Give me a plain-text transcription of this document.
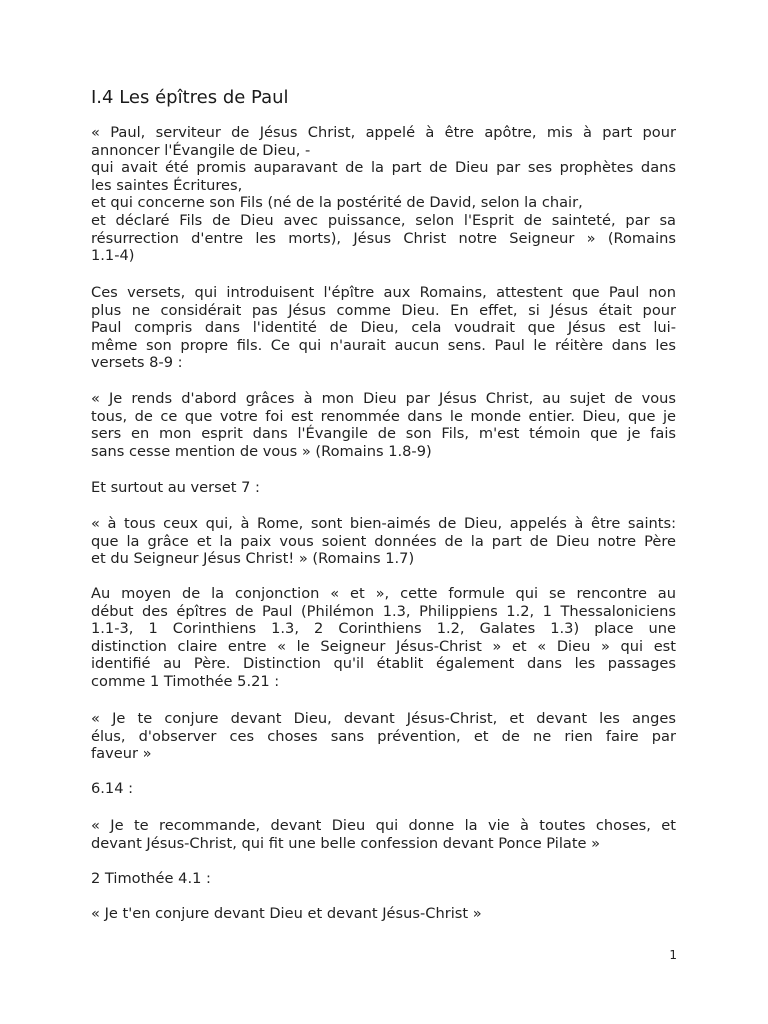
I.4 Les épîtres de Paul

« Paul, serviteur de Jésus Christ, appelé à être apôtre, mis à part pour
annoncer l'Évangile de Dieu, -
qui avait été promis auparavant de la part de Dieu par ses prophètes dans
les saintes Écritures,
et qui concerne son Fils (né de la postérité de David, selon la chair,
et déclaré Fils de Dieu avec puissance, selon l'Esprit de sainteté, par sa
résurrection d'entre les morts), Jésus Christ notre Seigneur » (Romains
1.1-4)

Ces versets, qui introduisent l'épître aux Romains, attestent que Paul non
plus ne considérait pas Jésus comme Dieu. En effet, si Jésus était pour
Paul compris dans l'identité de Dieu, cela voudrait que Jésus est lui-
même son propre fils. Ce qui n'aurait aucun sens. Paul le réitère dans les
versets 8-9 :

« Je rends d'abord grâces à mon Dieu par Jésus Christ, au sujet de vous
tous, de ce que votre foi est renommée dans le monde entier. Dieu, que je
sers en mon esprit dans l'Évangile de son Fils, m'est témoin que je fais
sans cesse mention de vous » (Romains 1.8-9)

Et surtout au verset 7 :

« à tous ceux qui, à Rome, sont bien-aimés de Dieu, appelés à être saints:
que la grâce et la paix vous soient données de la part de Dieu notre Père
et du Seigneur Jésus Christ! » (Romains 1.7)

Au moyen de la conjonction « et », cette formule qui se rencontre au
début des épîtres de Paul (Philémon 1.3, Philippiens 1.2, 1 Thessaloniciens
1.1-3, 1 Corinthiens 1.3, 2 Corinthiens 1.2, Galates 1.3) place une
distinction claire entre « le Seigneur Jésus-Christ » et « Dieu » qui est
identifié au Père. Distinction qu'il établit également dans les passages
comme 1 Timothée 5.21 :

« Je te conjure devant Dieu, devant Jésus-Christ, et devant les anges
élus, d'observer ces choses sans prévention, et de ne rien faire par
faveur »

6.14 :

« Je te recommande, devant Dieu qui donne la vie à toutes choses, et
devant Jésus-Christ, qui fit une belle confession devant Ponce Pilate »

2 Timothée 4.1 :

« Je t'en conjure devant Dieu et devant Jésus-Christ »

1
